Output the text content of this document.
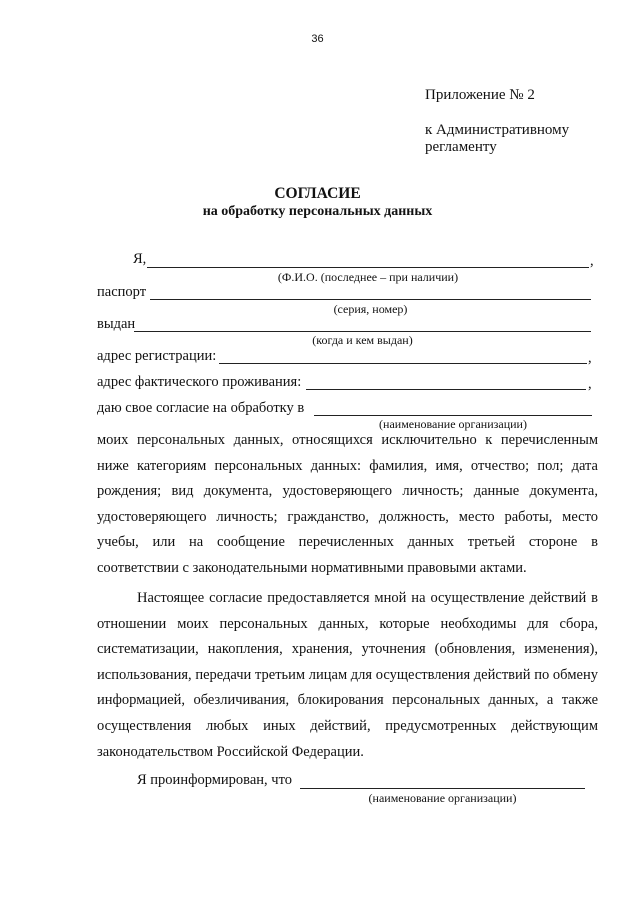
36
Приложение № 2
к Административному
регламенту
СОГЛАСИЕ
на обработку персональных данных
Я,	,
(Ф.И.О. (последнее – при наличии)
паспорт
(серия, номер)
выдан
(когда и кем выдан)
адрес регистрации:	,
адрес фактического проживания:	,
даю свое согласие на обработку в
(наименование организации)
моих персональных данных, относящихся исключительно к перечисленным ниже категориям персональных данных: фамилия, имя, отчество; пол; дата рождения; вид документа, удостоверяющего личность; данные документа, удостоверяющего личность; гражданство, должность, место работы, место учебы, или на сообщение перечисленных данных третьей стороне в соответствии с законодательными нормативными правовыми актами.
Настоящее согласие предоставляется мной на осуществление действий в отношении моих персональных данных, которые необходимы для сбора, систематизации, накопления, хранения, уточнения (обновления, изменения), использования, передачи третьим лицам для осуществления действий по обмену информацией, обезличивания, блокирования персональных данных, а также осуществления любых иных действий, предусмотренных действующим законодательством Российской Федерации.
Я проинформирован, что
(наименование организации)
